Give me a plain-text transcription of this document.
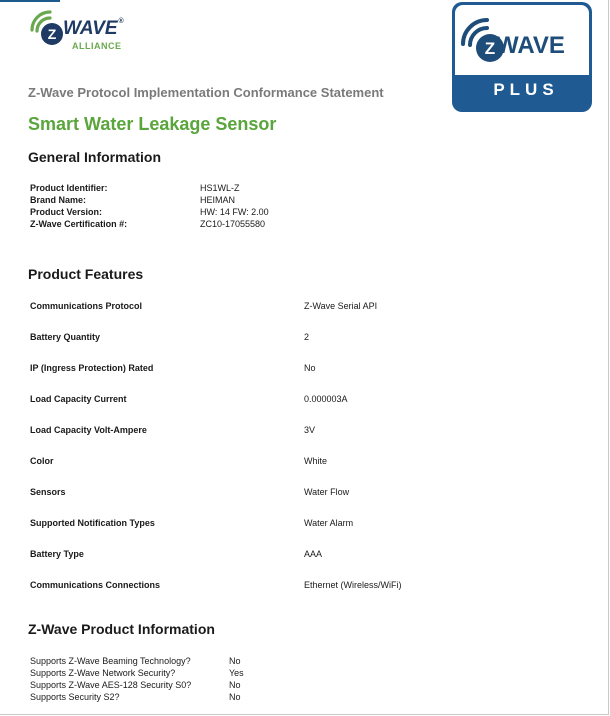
Z WAVE®
ALLIANCE	Z WAVE
PLUS
Z-Wave Protocol Implementation Conformance Statement
Smart Water Leakage Sensor
General Information
Product Identifier:	HS1WL-Z
Brand Name:	HEIMAN
Product Version:	HW: 14 FW: 2.00
Z-Wave Certification #:	ZC10-17055580
Product Features
Communications Protocol	Z-Wave Serial API
Battery Quantity	2
IP (Ingress Protection) Rated	No
Load Capacity Current	0.000003A
Load Capacity Volt-Ampere	3V
Color	White
Sensors	Water Flow
Supported Notification Types	Water Alarm
Battery Type	AAA
Communications Connections	Ethernet (Wireless/WiFi)
Z-Wave Product Information
Supports Z-Wave Beaming Technology?	No
Supports Z-Wave Network Security?	Yes
Supports Z-Wave AES-128 Security S0?	No
Supports Security S2?	No
